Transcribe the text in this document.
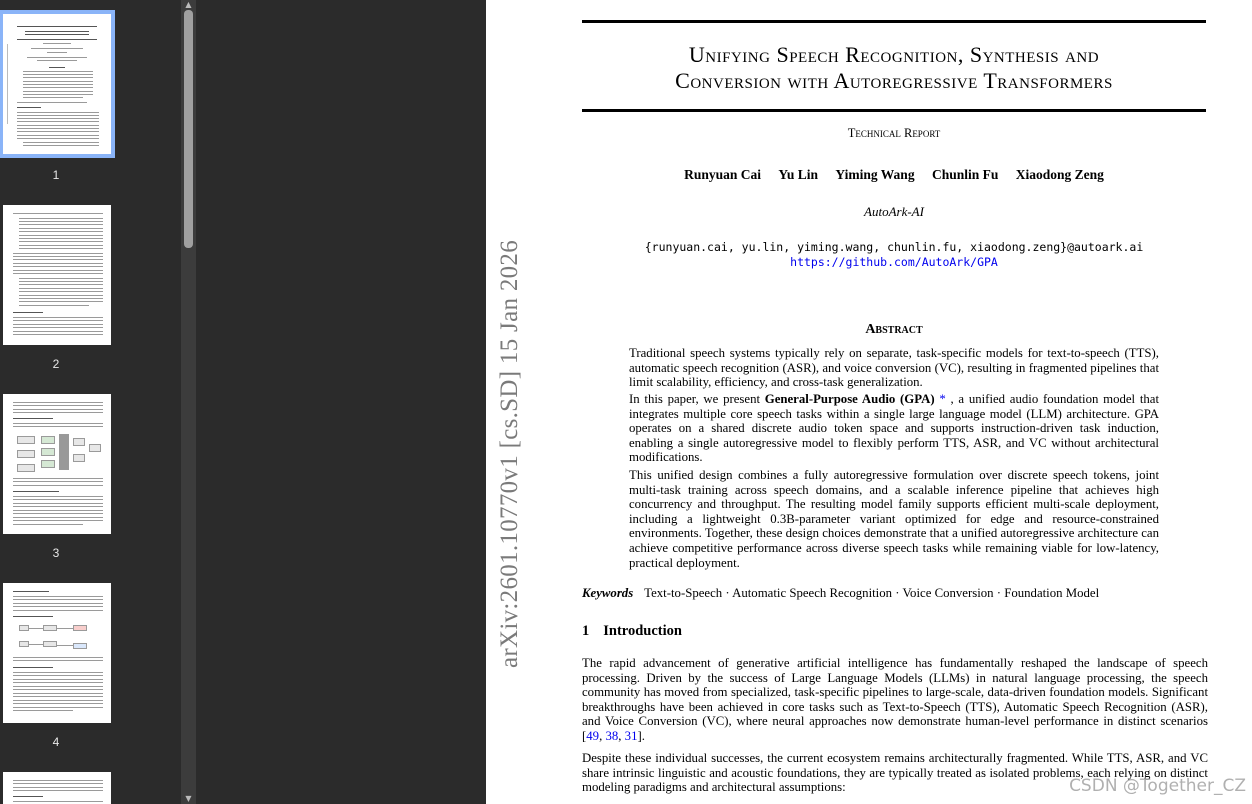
1
2
3
4
▲
▼
arXiv:2601.10770v1 [cs.SD] 15 Jan 2026
Unifying Speech Recognition, Synthesis and
Conversion with Autoregressive Transformers
Technical Report
Runyuan Cai Yu Lin Yiming Wang Chunlin Fu Xiaodong Zeng
AutoArk-AI
{runyuan.cai, yu.lin, yiming.wang, chunlin.fu, xiaodong.zeng}@autoark.ai
https://github.com/AutoArk/GPA
Abstract

Traditional speech systems typically rely on separate, task-specific models for text-to-speech (TTS), automatic speech recognition (ASR), and voice conversion (VC), resulting in fragmented pipelines that limit scalability, efficiency, and cross-task generalization.

In this paper, we present General-Purpose Audio (GPA) * , a unified audio foundation model that integrates multiple core speech tasks within a single large language model (LLM) architecture. GPA operates on a shared discrete audio token space and supports instruction-driven task induction, enabling a single autoregressive model to flexibly perform TTS, ASR, and VC without architectural modifications.

This unified design combines a fully autoregressive formulation over discrete speech tokens, joint multi-task training across speech domains, and a scalable inference pipeline that achieves high concurrency and throughput. The resulting model family supports efficient multi-scale deployment, including a lightweight 0.3B-parameter variant optimized for edge and resource-constrained environments. Together, these design choices demonstrate that a unified autoregressive architecture can achieve competitive performance across diverse speech tasks while remaining viable for low-latency, practical deployment.

Keywords Text-to-Speech · Automatic Speech Recognition · Voice Conversion · Foundation Model
1 Introduction

The rapid advancement of generative artificial intelligence has fundamentally reshaped the landscape of speech processing. Driven by the success of Large Language Models (LLMs) in natural language processing, the speech community has moved from specialized, task-specific pipelines to large-scale, data-driven foundation models. Significant breakthroughs have been achieved in core tasks such as Text-to-Speech (TTS), Automatic Speech Recognition (ASR), and Voice Conversion (VC), where neural approaches now demonstrate human-level performance in distinct scenarios [49, 38, 31].

Despite these individual successes, the current ecosystem remains architecturally fragmented. While TTS, ASR, and VC share intrinsic linguistic and acoustic foundations, they are typically treated as isolated problems, each relying on distinct modeling paradigms and architectural assumptions:	CSDN @Together_CZ
